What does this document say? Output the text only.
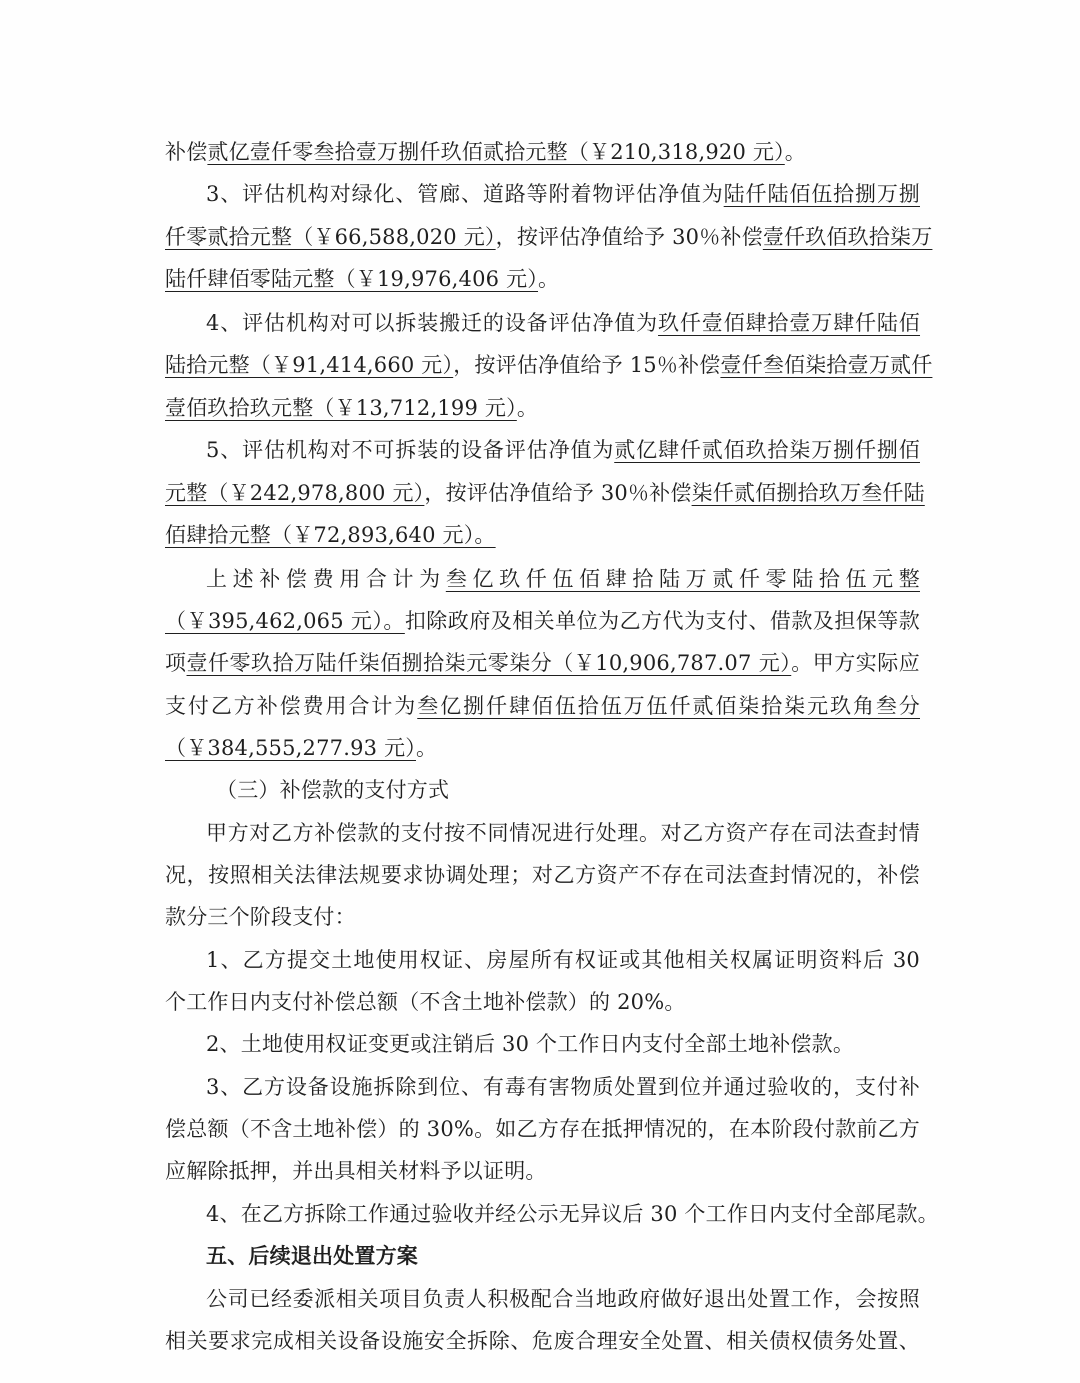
补偿贰亿壹仟零叁拾壹万捌仟玖佰贰拾元整（￥210,318,920 元）。
3、评估机构对绿化、管廊、道路等附着物评估净值为陆仟陆佰伍拾捌万捌
仟零贰拾元整（￥66,588,020 元），按评估净值给予 30％补偿壹仟玖佰玖拾柒万
陆仟肆佰零陆元整（￥19,976,406 元）。
4、评估机构对可以拆装搬迁的设备评估净值为玖仟壹佰肆拾壹万肆仟陆佰
陆拾元整（￥91,414,660 元），按评估净值给予 15％补偿壹仟叁佰柒拾壹万贰仟
壹佰玖拾玖元整（￥13,712,199 元）。
5、评估机构对不可拆装的设备评估净值为贰亿肆仟贰佰玖拾柒万捌仟捌佰
元整（￥242,978,800 元），按评估净值给予 30％补偿柒仟贰佰捌拾玖万叁仟陆
佰肆拾元整（￥72,893,640 元）。
上述补偿费用合计为叁亿玖仟伍佰肆拾陆万贰仟零陆拾伍元整
（￥395,462,065 元）。扣除政府及相关单位为乙方代为支付、借款及担保等款
项壹仟零玖拾万陆仟柒佰捌拾柒元零柒分（￥10,906,787.07 元）。甲方实际应
支付乙方补偿费用合计为叁亿捌仟肆佰伍拾伍万伍仟贰佰柒拾柒元玖角叁分
（￥384,555,277.93 元）。
（三）补偿款的支付方式
甲方对乙方补偿款的支付按不同情况进行处理。对乙方资产存在司法查封情
况，按照相关法律法规要求协调处理；对乙方资产不存在司法查封情况的，补偿
款分三个阶段支付：
1、乙方提交土地使用权证、房屋所有权证或其他相关权属证明资料后 30
个工作日内支付补偿总额（不含土地补偿款）的 20%。
2、土地使用权证变更或注销后 30 个工作日内支付全部土地补偿款。
3、乙方设备设施拆除到位、有毒有害物质处置到位并通过验收的，支付补
偿总额（不含土地补偿）的 30%。如乙方存在抵押情况的，在本阶段付款前乙方
应解除抵押，并出具相关材料予以证明。
4、在乙方拆除工作通过验收并经公示无异议后 30 个工作日内支付全部尾款。
五、后续退出处置方案
公司已经委派相关项目负责人积极配合当地政府做好退出处置工作，会按照
相关要求完成相关设备设施安全拆除、危废合理安全处置、相关债权债务处置、
